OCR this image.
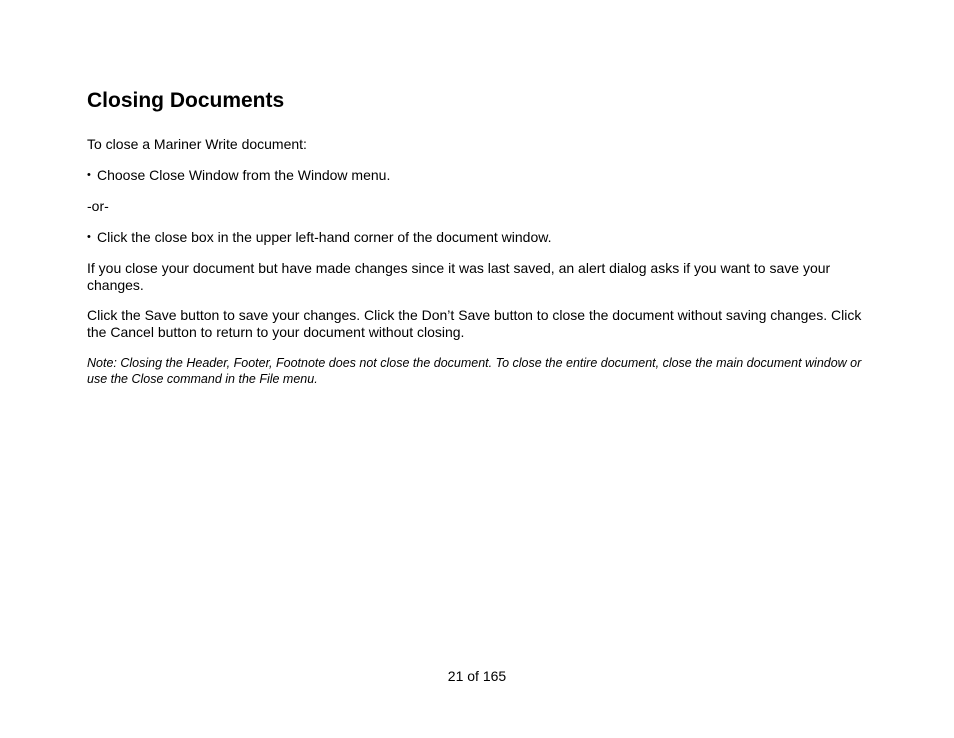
Closing Documents

To close a Mariner Write document:

• Choose Close Window from the Window menu.

-or-

• Click the close box in the upper left-hand corner of the document window.

If you close your document but have made changes since it was last saved, an alert dialog asks if you want to save your changes.

Click the Save button to save your changes. Click the Don’t Save button to close the document without saving changes. Click the Cancel button to return to your document without closing.

Note: Closing the Header, Footer, Footnote does not close the document. To close the entire document, close the main document window or use the Close command in the File menu.

21 of 165
